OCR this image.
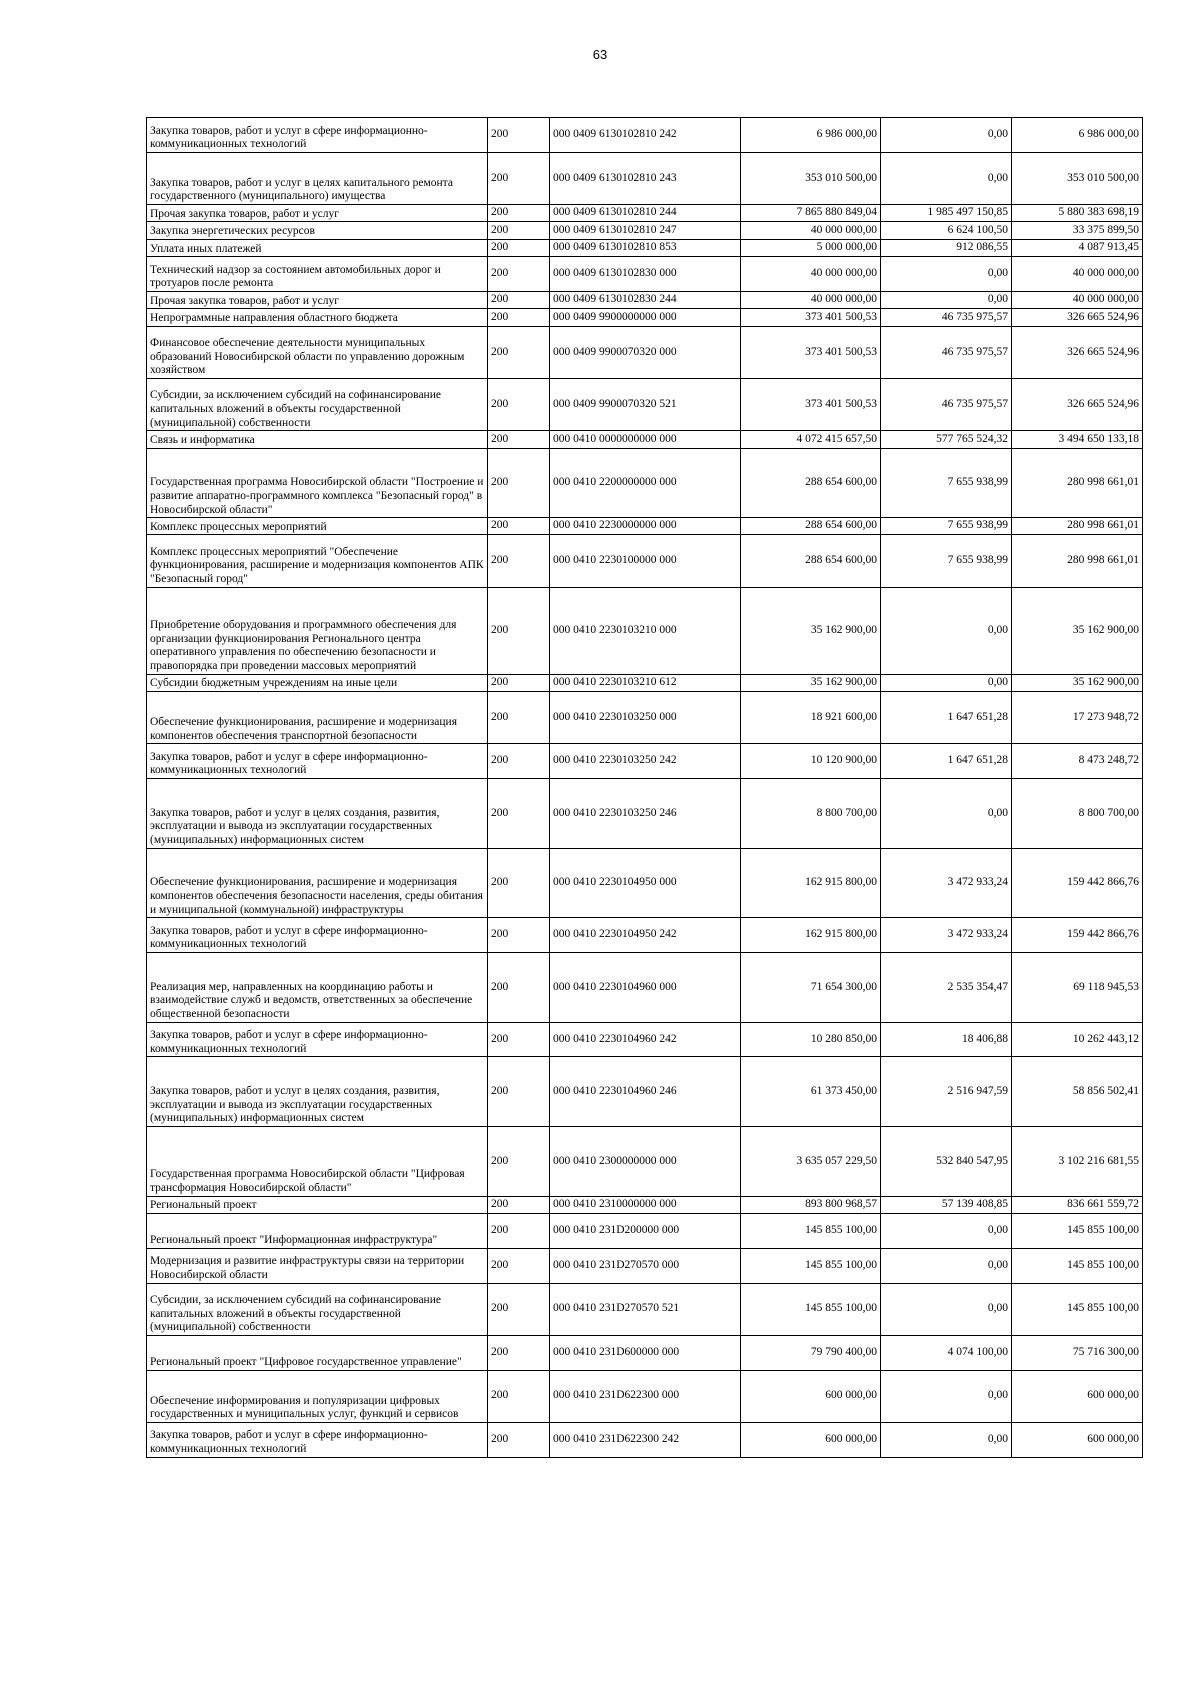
63
Закупка товаров, работ и услуг в сфере информационно-коммуникационных технологий	200	000 0409 6130102810 242	6 986 000,00	0,00	6 986 000,00
Закупка товаров, работ и услуг в целях капитального ремонта государственного (муниципального) имущества	200	000 0409 6130102810 243	353 010 500,00	0,00	353 010 500,00
Прочая закупка товаров, работ и услуг	200	000 0409 6130102810 244	7 865 880 849,04	1 985 497 150,85	5 880 383 698,19
Закупка энергетических ресурсов	200	000 0409 6130102810 247	40 000 000,00	6 624 100,50	33 375 899,50
Уплата иных платежей	200	000 0409 6130102810 853	5 000 000,00	912 086,55	4 087 913,45
Технический надзор за состоянием автомобильных дорог и тротуаров после ремонта	200	000 0409 6130102830 000	40 000 000,00	0,00	40 000 000,00
Прочая закупка товаров, работ и услуг	200	000 0409 6130102830 244	40 000 000,00	0,00	40 000 000,00
Непрограммные направления областного бюджета	200	000 0409 9900000000 000	373 401 500,53	46 735 975,57	326 665 524,96
Финансовое обеспечение деятельности муниципальных образований Новосибирской области по управлению дорожным хозяйством	200	000 0409 9900070320 000	373 401 500,53	46 735 975,57	326 665 524,96
Субсидии, за исключением субсидий на софинансирование капитальных вложений в объекты государственной (муниципальной) собственности	200	000 0409 9900070320 521	373 401 500,53	46 735 975,57	326 665 524,96
Связь и информатика	200	000 0410 0000000000 000	4 072 415 657,50	577 765 524,32	3 494 650 133,18
Государственная программа Новосибирской области "Построение и развитие аппаратно-программного комплекса "Безопасный город" в Новосибирской области"	200	000 0410 2200000000 000	288 654 600,00	7 655 938,99	280 998 661,01
Комплекс процессных мероприятий	200	000 0410 2230000000 000	288 654 600,00	7 655 938,99	280 998 661,01
Комплекс процессных мероприятий "Обеспечение функционирования, расширение и модернизация компонентов АПК "Безопасный город"	200	000 0410 2230100000 000	288 654 600,00	7 655 938,99	280 998 661,01
Приобретение оборудования и программного обеспечения для организации функционирования Регионального центра оперативного управления по обеспечению безопасности и правопорядка при проведении массовых мероприятий	200	000 0410 2230103210 000	35 162 900,00	0,00	35 162 900,00
Субсидии бюджетным учреждениям на иные цели	200	000 0410 2230103210 612	35 162 900,00	0,00	35 162 900,00
Обеспечение функционирования, расширение и модернизация компонентов обеспечения транспортной безопасности	200	000 0410 2230103250 000	18 921 600,00	1 647 651,28	17 273 948,72
Закупка товаров, работ и услуг в сфере информационно-коммуникационных технологий	200	000 0410 2230103250 242	10 120 900,00	1 647 651,28	8 473 248,72
Закупка товаров, работ и услуг в целях создания, развития, эксплуатации и вывода из эксплуатации государственных (муниципальных) информационных систем	200	000 0410 2230103250 246	8 800 700,00	0,00	8 800 700,00
Обеспечение функционирования, расширение и модернизация компонентов обеспечения безопасности населения, среды обитания и муниципальной (коммунальной) инфраструктуры	200	000 0410 2230104950 000	162 915 800,00	3 472 933,24	159 442 866,76
Закупка товаров, работ и услуг в сфере информационно-коммуникационных технологий	200	000 0410 2230104950 242	162 915 800,00	3 472 933,24	159 442 866,76
Реализация мер, направленных на координацию работы и взаимодействие служб и ведомств, ответственных за обеспечение общественной безопасности	200	000 0410 2230104960 000	71 654 300,00	2 535 354,47	69 118 945,53
Закупка товаров, работ и услуг в сфере информационно-коммуникационных технологий	200	000 0410 2230104960 242	10 280 850,00	18 406,88	10 262 443,12
Закупка товаров, работ и услуг в целях создания, развития, эксплуатации и вывода из эксплуатации государственных (муниципальных) информационных систем	200	000 0410 2230104960 246	61 373 450,00	2 516 947,59	58 856 502,41
Государственная программа Новосибирской области "Цифровая трансформация Новосибирской области"	200	000 0410 2300000000 000	3 635 057 229,50	532 840 547,95	3 102 216 681,55
Региональный проект	200	000 0410 2310000000 000	893 800 968,57	57 139 408,85	836 661 559,72
Региональный проект "Информационная инфраструктура"	200	000 0410 231D200000 000	145 855 100,00	0,00	145 855 100,00
Модернизация и развитие инфраструктуры связи на территории Новосибирской области	200	000 0410 231D270570 000	145 855 100,00	0,00	145 855 100,00
Субсидии, за исключением субсидий на софинансирование капитальных вложений в объекты государственной (муниципальной) собственности	200	000 0410 231D270570 521	145 855 100,00	0,00	145 855 100,00
Региональный проект "Цифровое государственное управление"	200	000 0410 231D600000 000	79 790 400,00	4 074 100,00	75 716 300,00
Обеспечение информирования и популяризации цифровых государственных и муниципальных услуг, функций и сервисов	200	000 0410 231D622300 000	600 000,00	0,00	600 000,00
Закупка товаров, работ и услуг в сфере информационно-коммуникационных технологий	200	000 0410 231D622300 242	600 000,00	0,00	600 000,00
